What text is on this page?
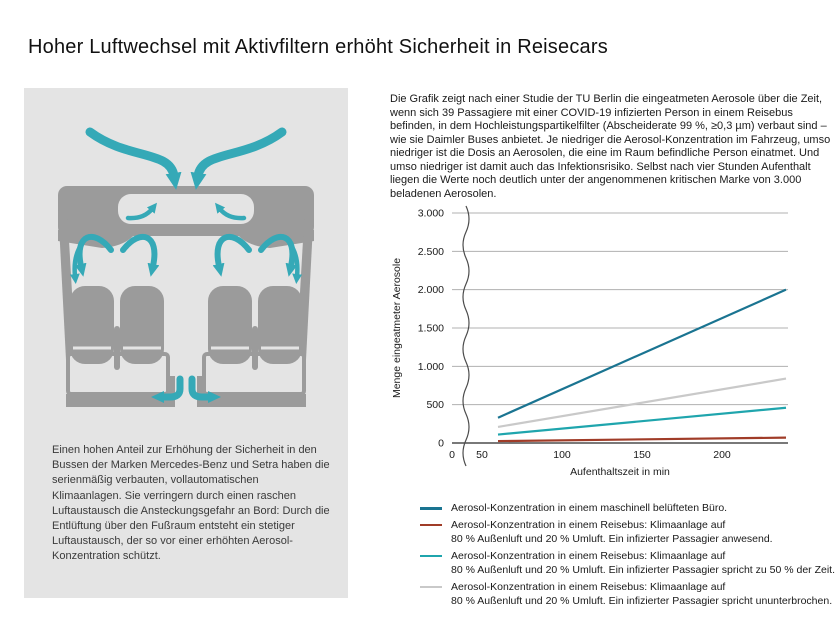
Hoher Luftwechsel mit Aktivfiltern erhöht Sicherheit in Reisecars

Einen hohen Anteil zur Erhöhung der Sicherheit in den Bussen der Marken Mercedes-Benz und Setra haben die serienmäßig verbauten, vollautomatischen Klimaanlagen. Sie verringern durch einen raschen Luftaustausch die Ansteckungsgefahr an Bord: Durch die Entlüftung über den Fußraum entsteht ein stetiger Luftaustausch, der so vor einer erhöhten Aerosol-Konzentration schützt.

Die Grafik zeigt nach einer Studie der TU Berlin die eingeatmeten Aerosole über die Zeit, wenn sich 39 Passagiere mit einer COVID-19 infizierten Person in einem Reisebus befinden, in dem Hochleistungspartikelfilter (Abscheiderate 99 %, ≥0,3 µm) verbaut sind – wie sie Daimler Buses anbietet. Je niedriger die Aerosol-Konzentration im Fahrzeug, umso niedriger ist die Dosis an Aerosolen, die eine im Raum befindliche Person einatmet. Und umso niedriger ist damit auch das Infektionsrisiko. Selbst nach vier Stunden Aufenthalt liegen die Werte noch deutlich unter der angenommenen kritischen Marke von 3.000 beladenen Aerosolen.

0
500
1.000
1.500
2.000
2.500
3.000
0 50	100	150	200
Aufenthaltszeit in min
Menge eingeatmeter Aerosole
Aerosol-Konzentration in einem maschinell belüfteten Büro.
Aerosol-Konzentration in einem Reisebus: Klimaanlage auf
80 % Außenluft und 20 % Umluft. Ein infizierter Passagier anwesend.
Aerosol-Konzentration in einem Reisebus: Klimaanlage auf
80 % Außenluft und 20 % Umluft. Ein infizierter Passagier spricht zu 50 % der Zeit.
Aerosol-Konzentration in einem Reisebus: Klimaanlage auf
80 % Außenluft und 20 % Umluft. Ein infizierter Passagier spricht ununterbrochen.
